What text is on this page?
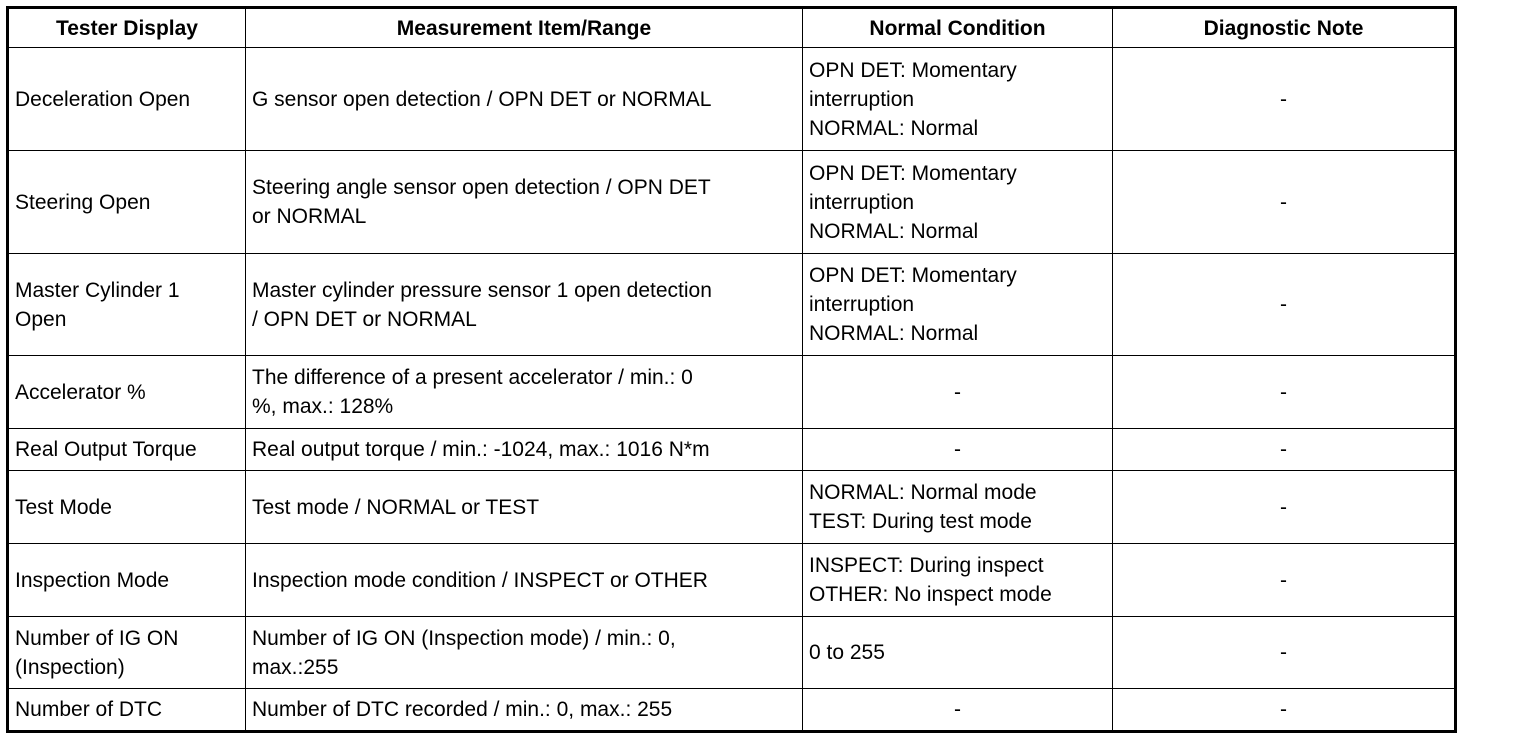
Tester Display	Measurement Item/Range	Normal Condition	Diagnostic Note
Deceleration Open	G sensor open detection / OPN DET or NORMAL	OPN DET: Momentary
interruption
NORMAL: Normal	-
Steering Open	Steering angle sensor open detection / OPN DET
or NORMAL	OPN DET: Momentary
interruption
NORMAL: Normal	-

Master Cylinder 1
Open	Master cylinder pressure sensor 1 open detection
/ OPN DET or NORMAL	OPN DET: Momentary
interruption
NORMAL: Normal	-
Accelerator %	The difference of a present accelerator / min.: 0
%, max.: 128%	-	-
Real Output Torque	Real output torque / min.: -1024, max.: 1016 N*m	-	-
Test Mode	Test mode / NORMAL or TEST	NORMAL: Normal mode
TEST: During test mode	-
Inspection Mode	Inspection mode condition / INSPECT or OTHER	INSPECT: During inspect
OTHER: No inspect mode	-

Number of IG ON
(Inspection)	Number of IG ON (Inspection mode) / min.: 0,
max.:255	0 to 255	-
Number of DTC	Number of DTC recorded / min.: 0, max.: 255	-	-
